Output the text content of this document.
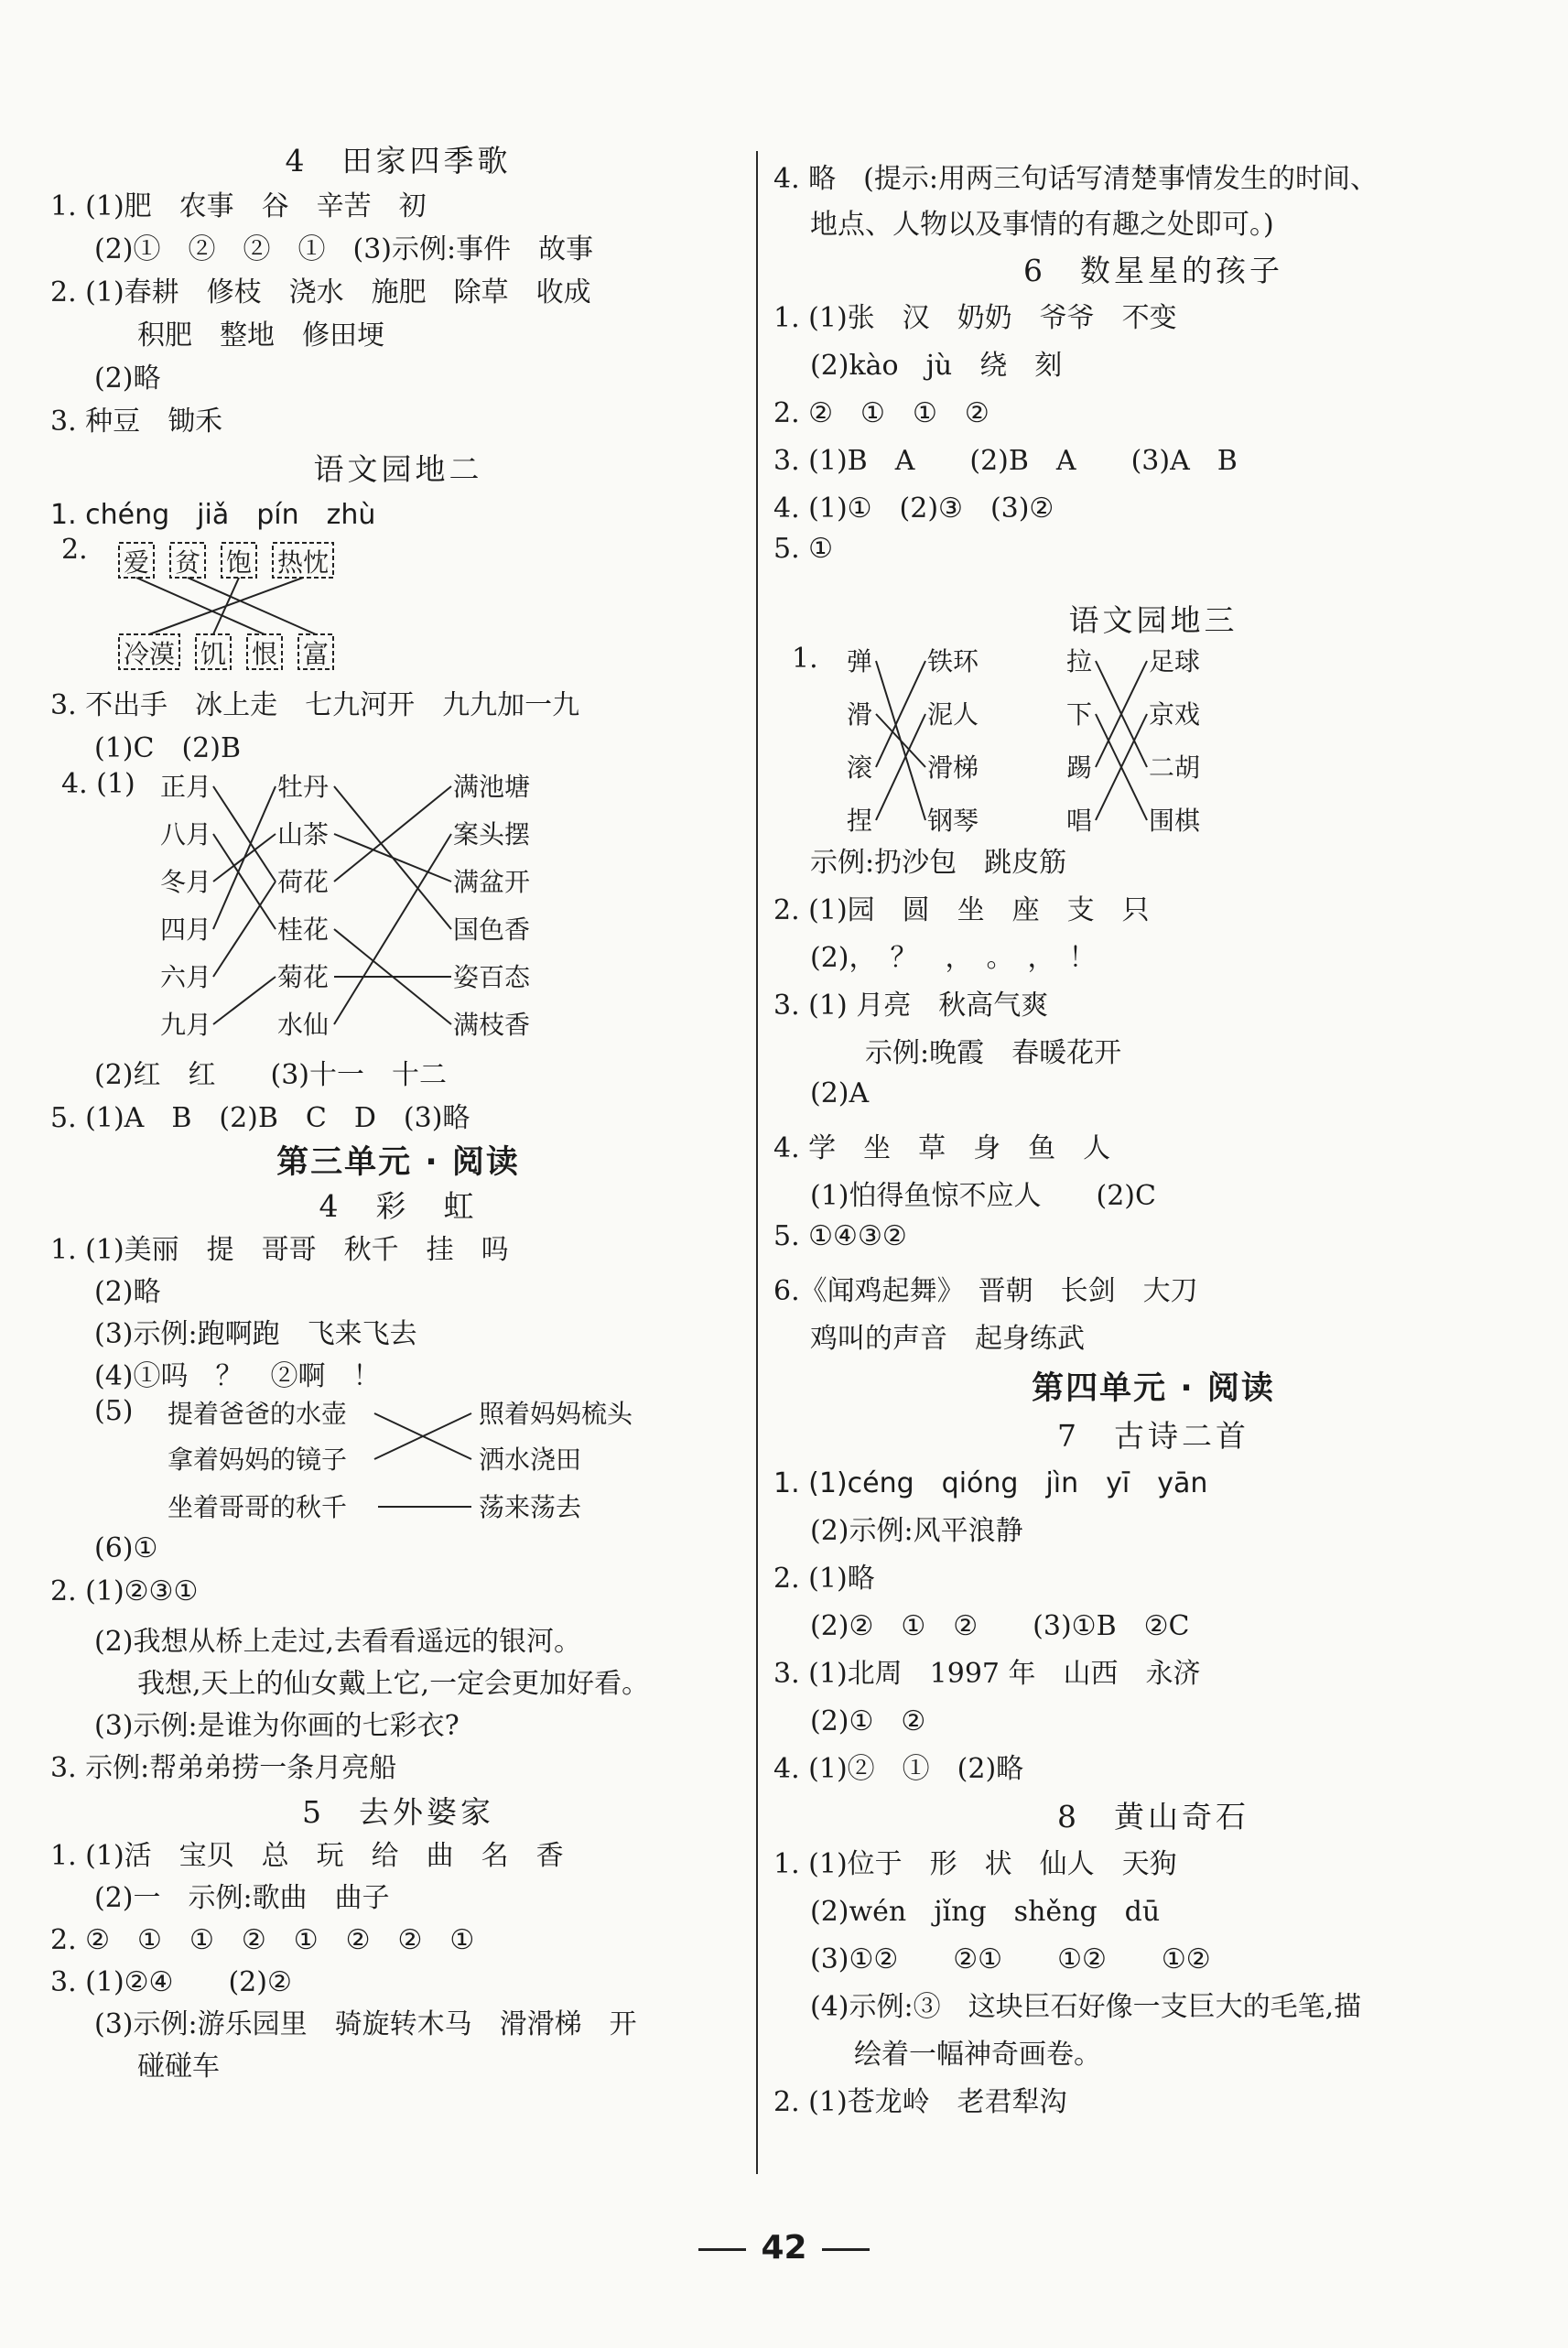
4　田家四季歌
1. (1)肥　农事　谷　辛苦　初
(2)①　②　②　①　(3)示例:事件　故事
2. (1)春耕　修枝　浇水　施肥　除草　收成
积肥　整地　修田埂
(2)略
3. 种豆　锄禾
语文园地二
1. chéng　jiǎ　pín　zhù
2. 爱 贫 饱 热忱
冷漠 饥 恨 富
3. 不出手　冰上走　七九河开　九九加一九
(1)C　(2)B
4. (1) 正月
八月
冬月
四月
六月
九月
牡丹
山茶
荷花
桂花
菊花
水仙
满池塘
案头摆
满盆开
国色香
姿百态
满枝香
(2)红　红　　(3)十一　十二
5. (1)A　B　(2)B　C　D　(3)略
第三单元 · 阅读
4　彩　虹
1. (1)美丽　提　哥哥　秋千　挂　吗
(2)略
(3)示例:跑啊跑　飞来飞去
(4)①吗　？　②啊　！
(5) 提着爸爸的水壶
拿着妈妈的镜子
坐着哥哥的秋千
照着妈妈梳头
洒水浇田
荡来荡去
(6)①
2. (1)②③①
(2)我想从桥上走过,去看看遥远的银河。
我想,天上的仙女戴上它,一定会更加好看。
(3)示例:是谁为你画的七彩衣?
3. 示例:帮弟弟捞一条月亮船
5　去外婆家
1. (1)活　宝贝　总　玩　给　曲　名　香
(2)一　示例:歌曲　曲子
2. ②　①　①　②　①　②　②　①
3. (1)②④　　(2)②
(3)示例:游乐园里　骑旋转木马　滑滑梯　开
碰碰车
4. 略　(提示:用两三句话写清楚事情发生的时间、
地点、人物以及事情的有趣之处即可。)
6　数星星的孩子
1. (1)张　汉　奶奶　爷爷　不变
(2)kào　jù　绕　刻
2. ②　①　①　②
3. (1)B　A　　(2)B　A　　(3)A　B
4. (1)①　(2)③　(3)②
5. ①
语文园地三
1. 弹
滑
滚
捏
铁环
泥人
滑梯
钢琴
拉
下
踢
唱
足球
京戏
二胡
围棋
示例:扔沙包　跳皮筋
2. (1)园　圆　坐　座　支　只
(2)，　？　，　。　，　！
3. (1) 月亮　秋高气爽
示例:晚霞　春暖花开
(2)A
4. 学　坐　草　身　鱼　人
(1)怕得鱼惊不应人　　(2)C
5. ①④③②
6.《闻鸡起舞》　晋朝　长剑　大刀
鸡叫的声音　起身练武
第四单元 · 阅读
7　古诗二首
1. (1)céng　qióng　jìn　yī　yān
(2)示例:风平浪静
2. (1)略
(2)②　①　②　　(3)①B　②C
3. (1)北周　1997 年　山西　永济
(2)①　②
4. (1)②　①　(2)略
8　黄山奇石
1. (1)位于　形　状　仙人　天狗
(2)wén　jǐng　shěng　dū
(3)①②　　②①　　①②　　①②
(4)示例:③　这块巨石好像一支巨大的毛笔,描
绘着一幅神奇画卷。
2. (1)苍龙岭　老君犁沟
42
